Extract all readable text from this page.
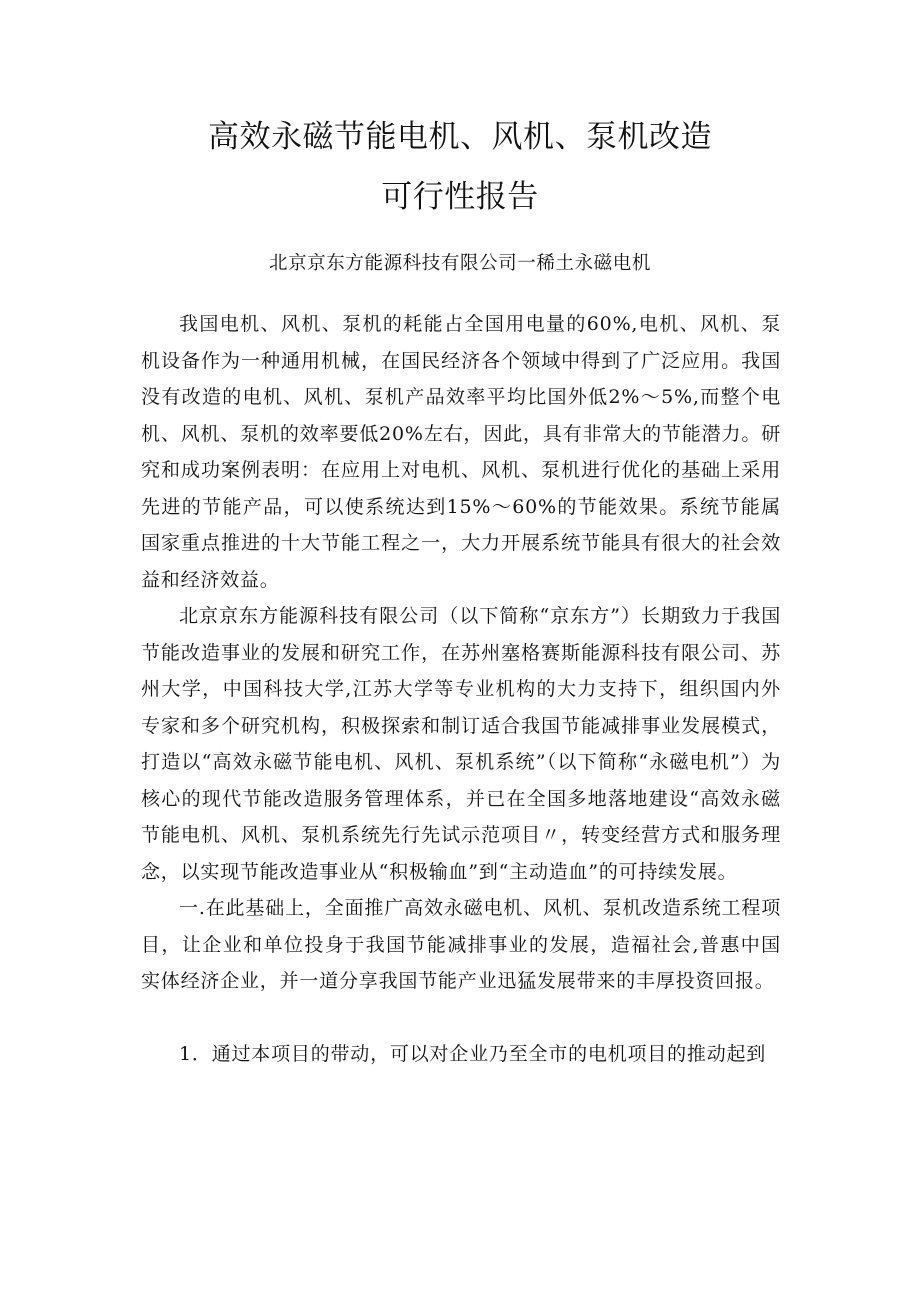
高效永磁节能电机、风机、泵机改造
可行性报告
北京京东方能源科技有限公司一稀土永磁电机

我国电机、风机、泵机的耗能占全国用电量的60%,电机、风机、泵机设备作为一种通用机械，在国民经济各个领域中得到了广泛应用。我国没有改造的电机、风机、泵机产品效率平均比国外低2%～5%,而整个电机、风机、泵机的效率要低20%左右，因此，具有非常大的节能潜力。研究和成功案例表明：在应用上对电机、风机、泵机进行优化的基础上采用先进的节能产品，可以使系统达到15%～60%的节能效果。系统节能属国家重点推进的十大节能工程之一，大力开展系统节能具有很大的社会效益和经济效益。

北京京东方能源科技有限公司（以下简称“京东方”）长期致力于我国节能改造事业的发展和研究工作，在苏州塞格赛斯能源科技有限公司、苏州大学，中国科技大学,江苏大学等专业机构的大力支持下，组织国内外专家和多个研究机构，积极探索和制订适合我国节能减排事业发展模式，打造以“高效永磁节能电机、风机、泵机系统”（以下简称“永磁电机”）为核心的现代节能改造服务管理体系，并已在全国多地落地建设“高效永磁节能电机、风机、泵机系统先行先试示范项目〃，转变经营方式和服务理念，以实现节能改造事业从“积极输血”到“主动造血”的可持续发展。

一.在此基础上，全面推广高效永磁电机、风机、泵机改造系统工程项目，让企业和单位投身于我国节能减排事业的发展，造福社会,普惠中国实体经济企业，并一道分享我国节能产业迅猛发展带来的丰厚投资回报。

1．通过本项目的带动，可以对企业乃至全市的电机项目的推动起到
